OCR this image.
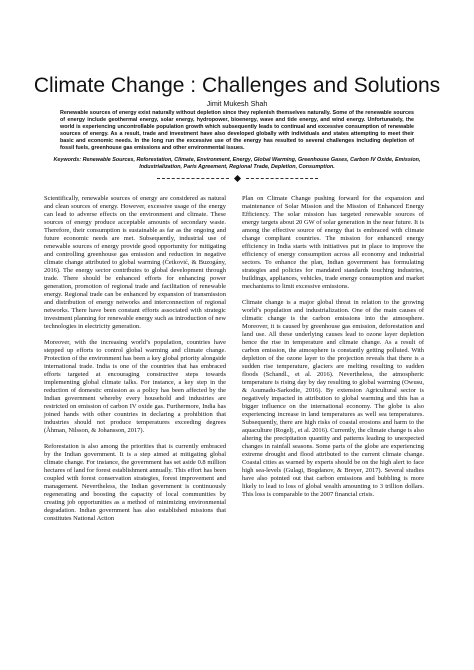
Climate Change : Challenges and Solutions
Jimit Mukesh Shah

Renewable sources of energy exist naturally without depletion since they replenish themselves naturally. Some of the renewable sources of energy include geothermal energy, solar energy, hydropower, bioenergy, wave and tide energy, and wind energy. Unfortunately, the world is experiencing uncontrollable population growth which subsequently leads to continual and excessive consumption of renewable sources of energy. As a result, trade and investment have also developed globally with individuals and states attempting to meet their basic and economic needs. In the long run the excessive use of the energy has resulted to several challenges including depletion of fossil fuels, greenhouse gas emissions and other environmental issues.

Keywords: Renewable Sources, Reforestation, Climate, Environment, Energy, Global Warming, Greenhouse Gases, Carbon IV Oxide, Emission, Industrialization, Paris Agreement, Regional Trade, Depletion, Consumption.

Scientifically, renewable sources of energy are considered as natural and clean sources of energy. However, excessive usage of the energy can lead to adverse effects on the environment and climate. These sources of energy produce acceptable amounts of secondary waste. Therefore, their consumption is sustainable as far as the ongoing and future economic needs are met. Subsequently, industrial use of renewable sources of energy provide good opportunity for mitigating and controlling greenhouse gas emission and reduction in negative climate change attributed to global warming (Ćetković, & Buzogány, 2016). The energy sector contributes to global development through trade. There should be enhanced efforts for enhancing power generation, promotion of regional trade and facilitation of renewable energy. Regional trade can be enhanced by expansion of transmission and distribution of energy networks and interconnection of regional networks. There have been constant efforts associated with strategic investment planning for renewable energy such as introduction of new technologies in electricity generation.

Moreover, with the increasing world’s population, countries have stepped up efforts to control global warming and climate change. Protection of the environment has been a key global priority alongside international trade. India is one of the countries that has embraced efforts targeted at encouraging constructive steps towards implementing global climate talks. For instance, a key step in the reduction of domestic emission as a policy has been affected by the Indian government whereby every household and industries are restricted on emission of carbon IV oxide gas. Furthermore, India has joined hands with other countries in declaring a prohibition that industries should not produce temperatures exceeding degrees (Åhman, Nilsson, & Johansson, 2017).

Reforestation is also among the priorities that is currently embraced by the Indian government. It is a step aimed at mitigating global climate change. For instance, the government has set aside 0.8 million hectares of land for forest establishment annually. This effort has been coupled with forest conservation strategies, forest improvement and management. Nevertheless, the Indian government is continuously regenerating and boosting the capacity of local communities by creating job opportunities as a method of minimizing environmental degradation. Indian government has also established missions that constitutes National Action

Plan on Climate Change pushing forward for the expansion and maintenance of Solar Mission and the Mission of Enhanced Energy Efficiency. The solar mission has targeted renewable sources of energy targets about 20 GW of solar generation in the near future. It is among the effective source of energy that is embraced with climate change compliant countries. The mission for enhanced energy efficiency in India starts with initiatives put in place to improve the efficiency of energy consumption across all economy and industrial sectors. To enhance the plan, Indian government has formulating strategies and policies for mandated standards touching industries, buildings, appliances, vehicles, trade energy consumption and market mechanisms to limit excessive emissions.

Climate change is a major global threat in relation to the growing world’s population and industrialization. One of the main causes of climatic change is the carbon emissions into the atmosphere. Moreover, it is caused by greenhouse gas emission, deforestation and land use. All these underlying causes lead to ozone layer depletion hence the rise in temperature and climate change. As a result of carbon emission, the atmosphere is constantly getting polluted. With depletion of the ozone layer to the projection reveals that there is a sudden rise temperature, glaciers are melting resulting to sudden floods (Schandl., et al. 2016). Nevertheless, the atmospheric temperature is rising day by day resulting to global warming (Owusu, & Asumadu-Sarkodie, 2016). By extension Agricultural sector is negatively impacted in attribution to global warming and this has a bigger influence on the international economy. The globe is also experiencing increase in land temperatures as well sea temperatures. Subsequently, there are high risks of coastal erosions and harm to the aquaculture (Rogelj., et al. 2016). Currently, the climate change is also altering the precipitation quantity and patterns leading to unexpected changes in rainfall seasons. Some parts of the globe are experiencing extreme drought and flood attributed to the current climate change. Coastal cities as warned by experts should be on the high alert to face high sea-levels (Gulagi, Bogdanov, & Breyer, 2017). Several studies have also pointed out that carbon emissions and bubbling is more likely to lead to loss of global wealth amounting to 3 trillion dollars. This loss is comparable to the 2007 financial crisis.
